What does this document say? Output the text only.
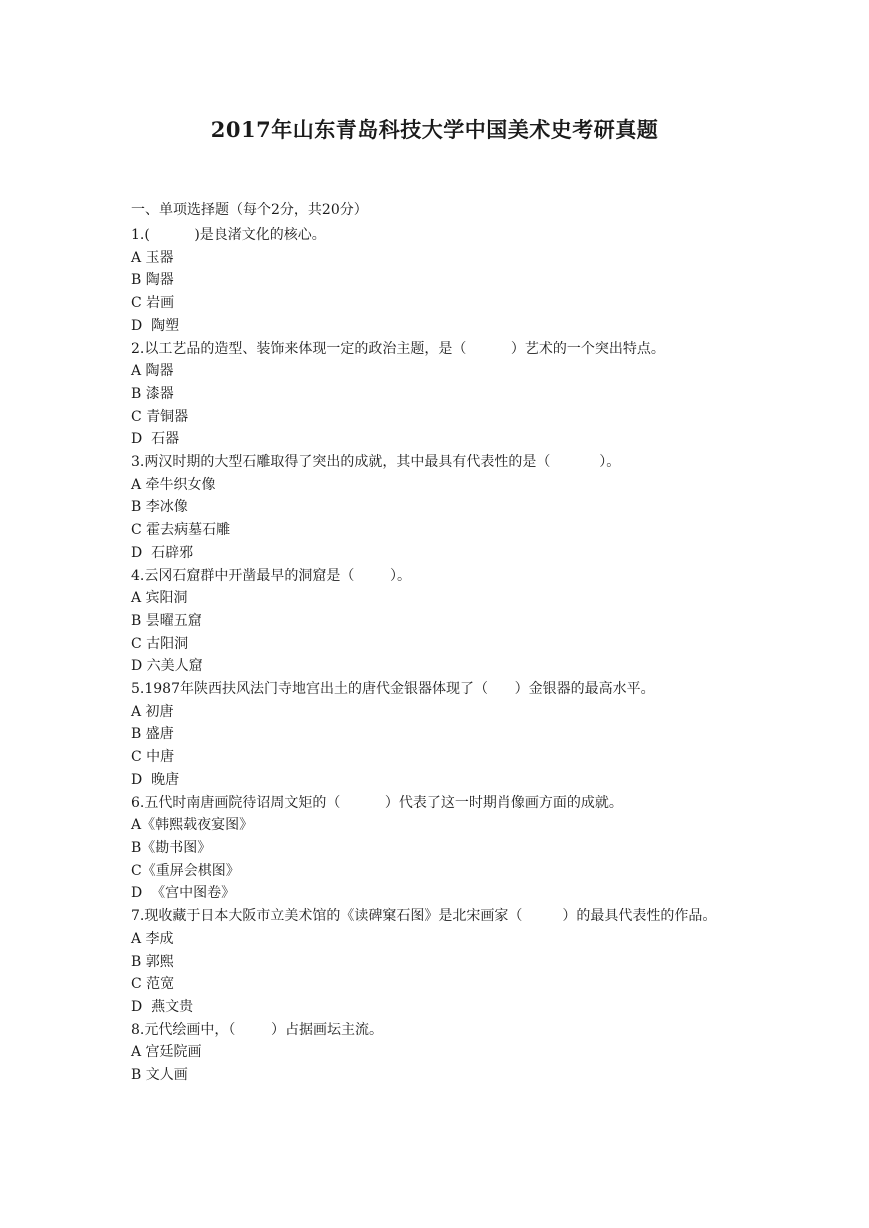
2017年山东青岛科技大学中国美术史考研真题
一、单项选择题（每个2分，共20分）
1.(          )是良渚文化的核心。
A 玉器
B 陶器
C 岩画
D  陶塑
2.以工艺品的造型、装饰来体现一定的政治主题，是（          ）艺术的一个突出特点。
A 陶器
B 漆器
C 青铜器
D  石器
3.两汉时期的大型石雕取得了突出的成就，其中最具有代表性的是（           ）。
A 牵牛织女像
B 李冰像
C 霍去病墓石雕
D  石辟邪
4.云冈石窟群中开凿最早的洞窟是（        ）。
A 宾阳洞
B 昙曜五窟
C 古阳洞
D 六美人窟
5.1987年陕西扶风法门寺地宫出土的唐代金银器体现了（      ）金银器的最高水平。
A 初唐
B 盛唐
C 中唐
D  晚唐
6.五代时南唐画院待诏周文矩的（          ）代表了这一时期肖像画方面的成就。
A《韩熙载夜宴图》
B《勘书图》
C《重屏会棋图》
D  《宫中图卷》
7.现收藏于日本大阪市立美术馆的《读碑窠石图》是北宋画家（         ）的最具代表性的作品。
A 李成
B 郭熙
C 范宽
D  燕文贵
8.元代绘画中，（        ）占据画坛主流。
A 宫廷院画
B 文人画
